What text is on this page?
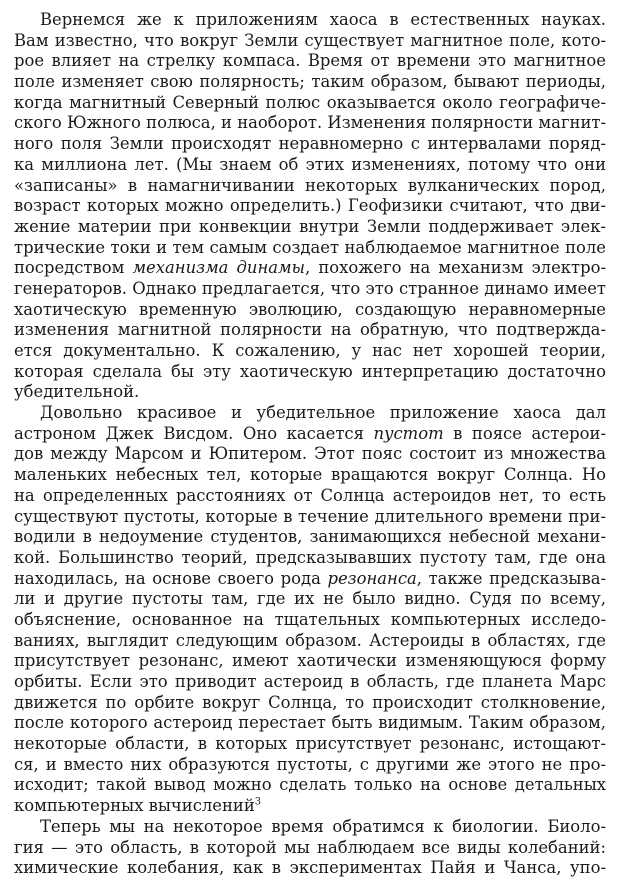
Вернемся же к приложениям хаоса в естественных науках.
Вам известно, что вокруг Земли существует магнитное поле, кото-
рое влияет на стрелку компаса. Время от времени это магнитное
поле изменяет свою полярность; таким образом, бывают периоды,
когда магнитный Северный полюс оказывается около географиче-
ского Южного полюса, и наоборот. Изменения полярности магнит-
ного поля Земли происходят неравномерно с интервалами поряд-
ка миллиона лет. (Мы знаем об этих изменениях, потому что они
«записаны» в намагничивании некоторых вулканических пород,
возраст которых можно определить.) Геофизики считают, что дви-
жение материи при конвекции внутри Земли поддерживает элек-
трические токи и тем самым создает наблюдаемое магнитное поле
посредством механизма динамы, похожего на механизм электро-
генераторов. Однако предлагается, что это странное динамо имеет
хаотическую временную эволюцию, создающую неравномерные
изменения магнитной полярности на обратную, что подтвержда-
ется документально. К сожалению, у нас нет хорошей теории,
которая сделала бы эту хаотическую интерпретацию достаточно
убедительной.
Довольно красивое и убедительное приложение хаоса дал
астроном Джек Висдом. Оно касается пустот в поясе астерои-
дов между Марсом и Юпитером. Этот пояс состоит из множества
маленьких небесных тел, которые вращаются вокруг Солнца. Но
на определенных расстояниях от Солнца астероидов нет, то есть
существуют пустоты, которые в течение длительного времени при-
водили в недоумение студентов, занимающихся небесной механи-
кой. Большинство теорий, предсказывавших пустоту там, где она
находилась, на основе своего рода резонанса, также предсказыва-
ли и другие пустоты там, где их не было видно. Судя по всему,
объяснение, основанное на тщательных компьютерных исследо-
ваниях, выглядит следующим образом. Астероиды в областях, где
присутствует резонанс, имеют хаотически изменяющуюся форму
орбиты. Если это приводит астероид в область, где планета Марс
движется по орбите вокруг Солнца, то происходит столкновение,
после которого астероид перестает быть видимым. Таким образом,
некоторые области, в которых присутствует резонанс, истощают-
ся, и вместо них образуются пустоты, с другими же этого не про-
исходит; такой вывод можно сделать только на основе детальных
компьютерных вычислений$^3$
Теперь мы на некоторое время обратимся к биологии. Биоло-
гия — это область, в которой мы наблюдаем все виды колебаний:
химические колебания, как в экспериментах Пайя и Чанса, упо-
